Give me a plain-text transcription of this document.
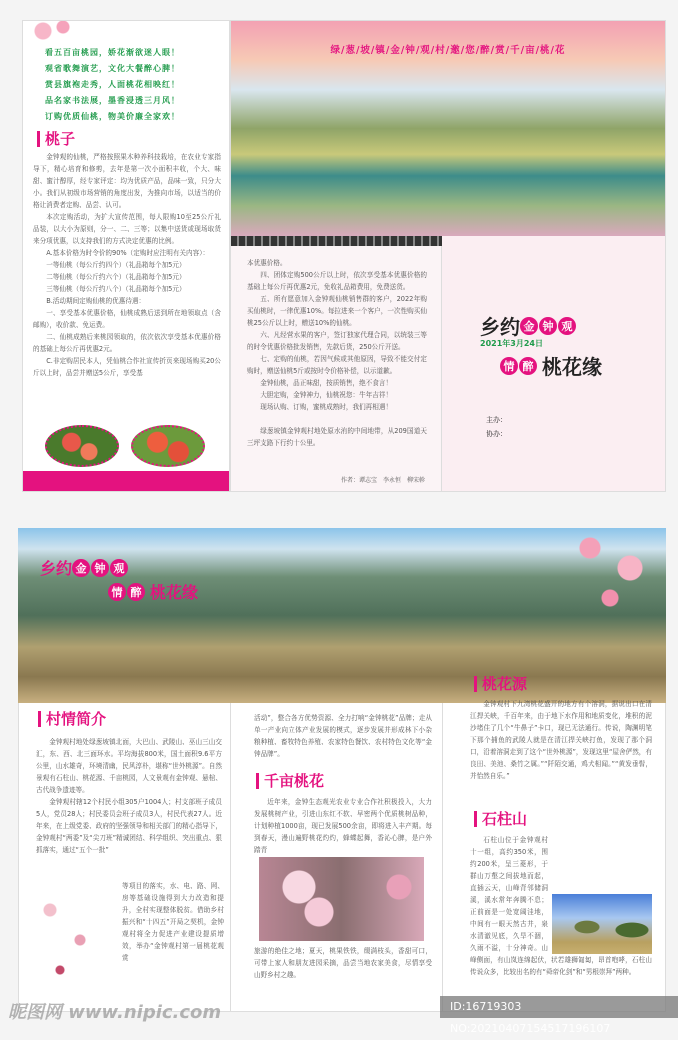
看五百亩桃园，娇花渐欲迷人眼！
观省歌舞演艺，文化大餐醉心脾！
赏县旗袍走秀，人面桃花相映红！
品名家书法展，墨香浸透三月风！
订购优质仙桃，物美价廉全家欢！
桃子

金钟观的仙桃，严格按照果木种养科技栽培，在农业专家指导下，精心培育和修剪，去年是第一次小面积丰收，个大、味甜、蜜汁醇厚，经专家评定：均为优质产品，品味一致，只分大小。我们从初级市场营销的角度出发，为推向市场，以适当的价格让消费者定购、品尝、认可。

本次定购活动，为扩大宣传范围，每人限购10至25公斤礼品装，以大小为原则，分一、二、三等；以集中送货或现场取货来分项优惠，以支持我们的方式决定优惠的比例。

A.基本价格为时令价的90%（定购时应注明有关内容）：

一等仙桃（每公斤约四个）（礼品箱每个加5元）

二等仙桃（每公斤约六个）（礼品箱每个加5元）

三等仙桃（每公斤约八个）（礼品箱每个加5元）

B.活动期间定购仙桃的优惠待遇：

一、享受基本优惠价格，仙桃成熟后送到所在地领取点（含邮购），收价款、免运费。

二、仙桃成熟后来桃园领取的，依次依次享受基本优惠价格的基础上每公斤再优惠2元。

C.非定购居民本人，凭仙桃合作社宣传折页来现场购买20公斤以上时，品尝并赠送5公斤，享受基

本优惠价格。

四、团体定购500公斤以上时，依次享受基本优惠价格的基础上每公斤再优惠2元，免收礼品箱费用，免费送货。

五、所有愿意加入金钟观仙桃销售群的客户，2022年购买仙桃时，一律优惠10%。每拉进来一个客户，一次性购买仙桃25公斤以上时，赠送10%的仙桃。

六、凡经营水果的客户，签订独家代理合同，以统装三等的时令优惠价格批发销售，先款后货，250公斤开送。

七、定购的仙桃，若因气候或其他原因，导致不能交付定购时，赠送仙桃5斤或按时令价格补偿，以示道歉。

金钟仙桃，品正味甜，按质销售，绝不食言！

大胆定购，金钟神力，仙桃祝您：牛年吉祥！

现场认购、订购，蜜桃成熟时，我们再相遇！

绿葱坡镇金钟观村地处原水洧的中间地带，从209国道天三坪支路下行约十公里。

作者：谭志宝　李永恒　柳宋軫
乡约 金 钟 观
2021年3月24日
情 醉 桃花缘
主办：
协办：
绿/葱/坡/镇/金/钟/观/村/邀/您/醉/赏/千/亩/桃/花
乡约 金 钟 观
情 醉 桃花缘
村情简介

金钟观村地处绿葱坡镇北面，大巴山、武陵山、巫山三山交汇，东、西、北三面环水。平均海拔800米，国土面积9.6平方公里，山水雄奇，环境清幽，民风淳朴，堪称“世外桃源”。自然景观有石柱山、桃花源、千亩桃园，人文景观有金钟观、悬棺、古代战争遗迹等。

金钟观村辖12个村民小组305户1004人；村支部班子成员5人，党员28人；村民委员会班子成员3人，村民代表27人。近年来，在上级党委、政府的坚强领导和相关部门的精心指导下，金钟观村“两委”及“尖刀班”精诚团结、科学组织、突出重点、狠抓落实，通过“五个一批”

等项目的落实，水、电、路、网、房等基础设施得到大力改造和提升，全村实现整体脱贫。借助乡村振兴和“十四五”开局之契机，金钟观村将全力促进产业建设提质增效，举办“金钟观村第一届桃花观赏

活动”，整合各方优势资源、全力打响“金钟桃花”品牌；走从单一产业向立体产业发展的模式，逐步发展并形成林下小杂粮种植、畜牧特色养殖、农家特色餐饮、农村特色文化等“金钟品牌”。

千亩桃花

近年来，金钟生态观光农业专业合作社积极投入，大力发展桃树产业，引进山东红不软、早密两个优质桃树品种，计划种植1000亩，现已发展500余亩，即将进入丰产期。每到春天，漫山遍野桃花灼灼，蜂蝶起舞，香沁心脾，是户外踏青

旅游的绝佳之地；夏天，桃果铁铁，缀满枝头，香甜可口，可带上家人和朋友进园采摘，品尝当地农家美食，尽情享受山野乡村之趣。

桃花源

金钟观村下九湾桃花盛开的地方有个溶洞，据说出口在清江捍关峡，千百年来，由于地下水作用和地质变化，堆积的泥沙堵住了几个“牛鼻子”卡口，现已无法通行。传说，陶渊明笔下那个捕鱼的武陵人就是在清江捍关峡打鱼，发现了那个洞口，沿着溶洞走到了这个“世外桃源”，发现这里“屋舍俨然，有良田、美池、桑竹之属。”“阡陌交通，鸡犬相闻。”“黄发垂髫，并怡然自乐。”

石柱山

石柱山位于金钟观村十一组，高约350米，围约200米，呈三菱形，于群山万壑之间拔地而起，直插云天，山峰背邻储洞溪，溪水常年奔腾不息；正前面是一处宽阔洼地，中间有一眼天然古井，泉水清澈见底，久旱不涸，久雨不溢，十分神奇。山峰侧面，有山岚连绵起伏，状若雄狮匍匐，昂首咆哮，石柱山传说众多，比较出名的有“舜帝化剑”和“男根崇拜”两种。

昵图网 www.nipic.com	ID:16719303 NO:20210407154517196107
